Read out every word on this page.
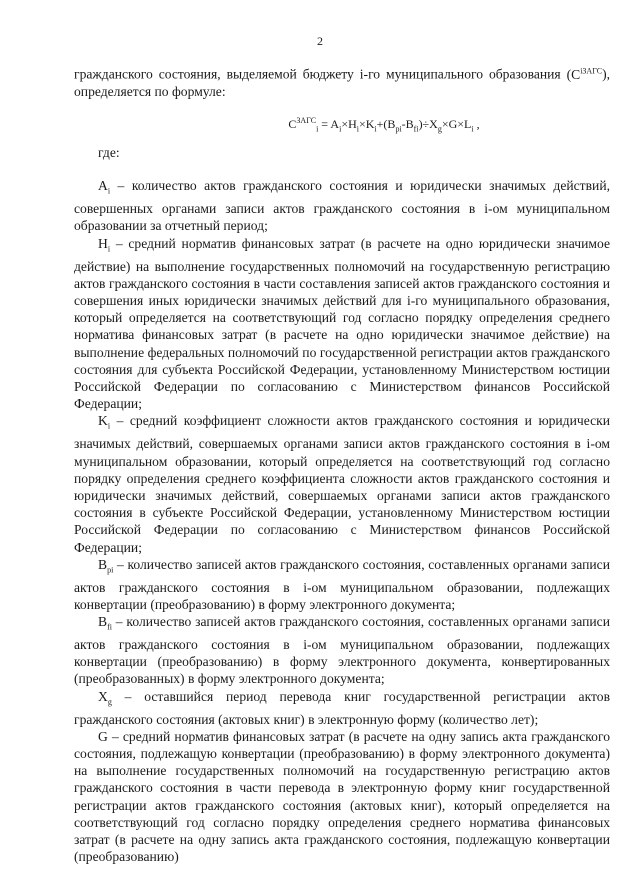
2

гражданского состояния, выделяемой бюджету i-го муниципального образования $(C^{iЗАГС})$, определяется по формуле:

$C^{ЗАГС}_i = A_i\times H_i\times K_i+(B_{pi}-B_{fi})\div X_g\times G\times L_i$ ,
где:

$A_i$ – количество актов гражданского состояния и юридически значимых действий, совершенных органами записи актов гражданского состояния в i-ом муниципальном образовании за отчетный период;

$H_i$ – средний норматив финансовых затрат (в расчете на одно юридически значимое действие) на выполнение государственных полномочий на государственную регистрацию актов гражданского состояния в части составления записей актов гражданского состояния и совершения иных юридически значимых действий для i-го муниципального образования, который определяется на соответствующий год согласно порядку определения среднего норматива финансовых затрат (в расчете на одно юридически значимое действие) на выполнение федеральных полномочий по государственной регистрации актов гражданского состояния для субъекта Российской Федерации, установленному Министерством юстиции Российской Федерации по согласованию с Министерством финансов Российской Федерации;

$K_i$ – средний коэффициент сложности актов гражданского состояния и юридически значимых действий, совершаемых органами записи актов гражданского состояния в i-ом муниципальном образовании, который определяется на соответствующий год согласно порядку определения среднего коэффициента сложности актов гражданского состояния и юридически значимых действий, совершаемых органами записи актов гражданского состояния в субъекте Российской Федерации, установленному Министерством юстиции Российской Федерации по согласованию с Министерством финансов Российской Федерации;

$B_{pi}$ – количество записей актов гражданского состояния, составленных органами записи актов гражданского состояния в i-ом муниципальном образовании, подлежащих конвертации (преобразованию) в форму электронного документа;

$B_{fi}$ – количество записей актов гражданского состояния, составленных органами записи актов гражданского состояния в i-ом муниципальном образовании, подлежащих конвертации (преобразованию) в форму электронного документа, конвертированных (преобразованных) в форму электронного документа;

$X_g$ – оставшийся период перевода книг государственной регистрации актов гражданского состояния (актовых книг) в электронную форму (количество лет);

G – средний норматив финансовых затрат (в расчете на одну запись акта гражданского состояния, подлежащую конвертации (преобразованию) в форму электронного документа) на выполнение государственных полномочий на государственную регистрацию актов гражданского состояния в части перевода в электронную форму книг государственной регистрации актов гражданского состояния (актовых книг), который определяется на соответствующий год согласно порядку определения среднего норматива финансовых затрат (в расчете на одну запись акта гражданского состояния, подлежащую конвертации (преобразованию)
